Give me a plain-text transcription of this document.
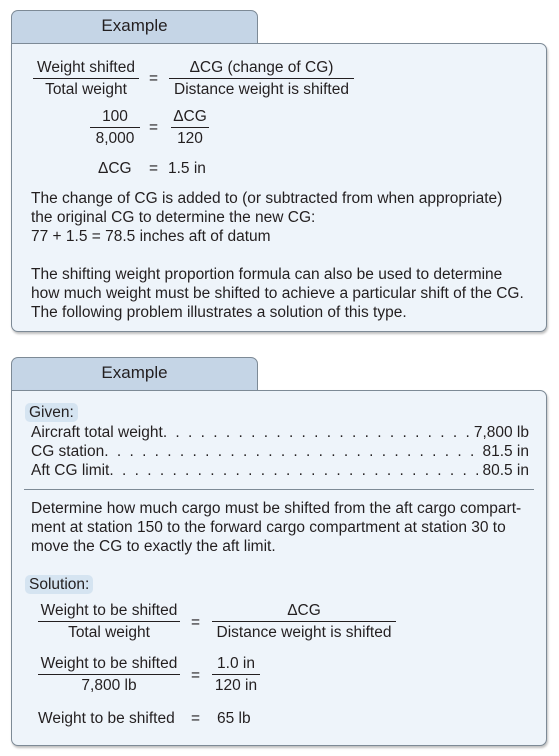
Example
Weight shifted
Total weight
=
ΔCG (change of CG)
Distance weight is shifted
100
8,000
=
ΔCG
120
ΔCG = 1.5 in
The change of CG is added to (or subtracted from when appropriate)
the original CG to determine the new CG:
77 + 1.5 = 78.5 inches aft of datum
The shifting weight proportion formula can also be used to determine
how much weight must be shifted to achieve a particular shift of the CG.
The following problem illustrates a solution of this type.
Example
Given:
Aircraft total weight . . .	7,800 lb
CG station . . .	81.5 in
Aft CG limit . . .	80.5 in
Determine how much cargo must be shifted from the aft cargo compart-
ment at station 150 to the forward cargo compartment at station 30 to
move the CG to exactly the aft limit.
Solution:
Weight to be shifted
Total weight
=
ΔCG
Distance weight is shifted
Weight to be shifted
7,800 lb
=
1.0 in
120 in
Weight to be shifted = 65 lb
